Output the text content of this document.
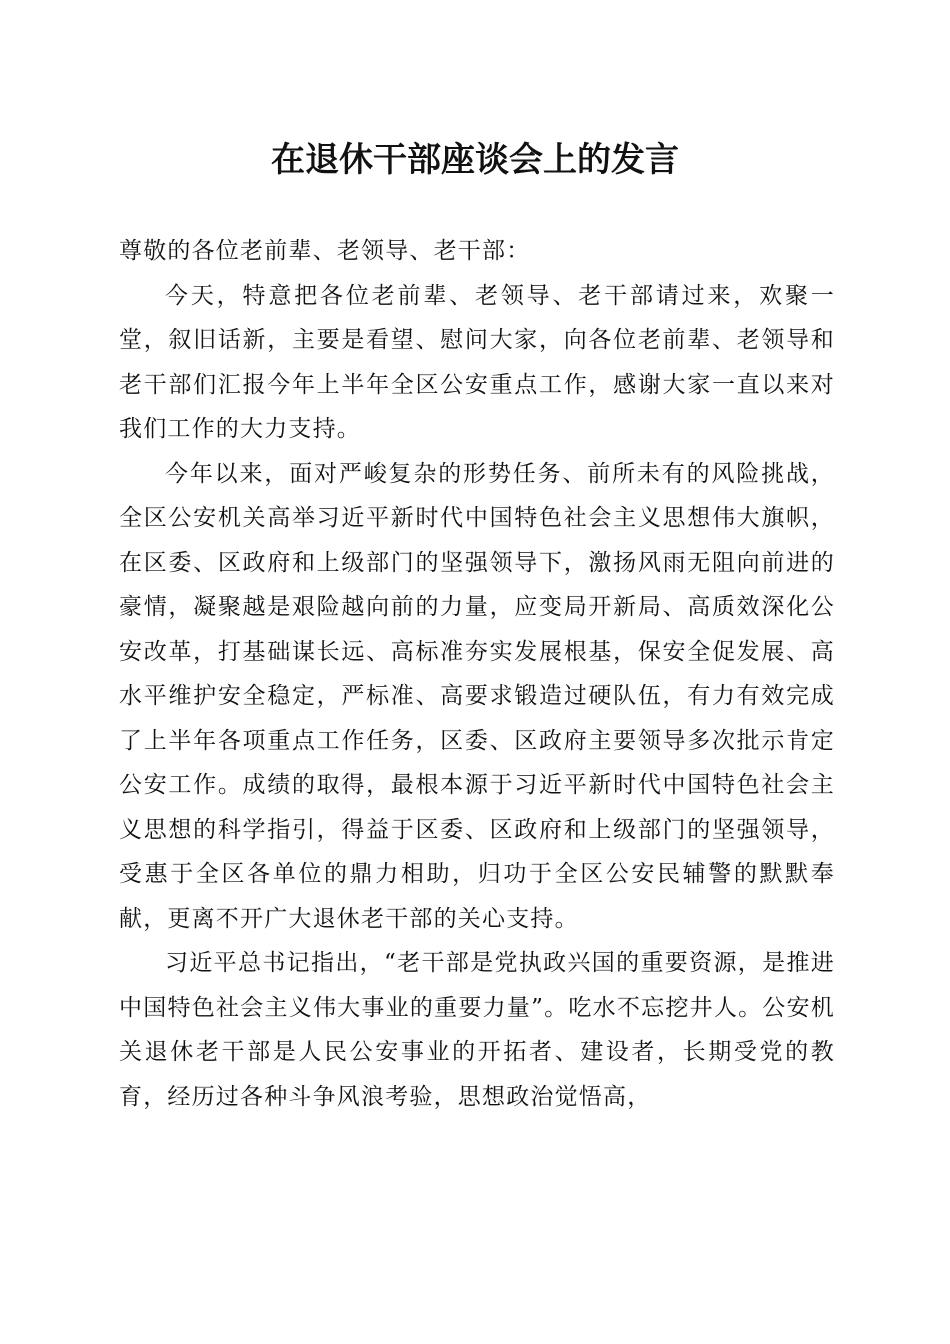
在退休干部座谈会上的发言

尊敬的各位老前辈、老领导、老干部：

今天，特意把各位老前辈、老领导、老干部请过来，欢聚一堂，叙旧话新，主要是看望、慰问大家，向各位老前辈、老领导和老干部们汇报今年上半年全区公安重点工作，感谢大家一直以来对我们工作的大力支持。

今年以来，面对严峻复杂的形势任务、前所未有的风险挑战，全区公安机关高举习近平新时代中国特色社会主义思想伟大旗帜，在区委、区政府和上级部门的坚强领导下，激扬风雨无阻向前进的豪情，凝聚越是艰险越向前的力量，应变局开新局、高质效深化公安改革，打基础谋长远、高标准夯实发展根基，保安全促发展、高水平维护安全稳定，严标准、高要求锻造过硬队伍，有力有效完成了上半年各项重点工作任务，区委、区政府主要领导多次批示肯定公安工作。成绩的取得，最根本源于习近平新时代中国特色社会主义思想的科学指引，得益于区委、区政府和上级部门的坚强领导，受惠于全区各单位的鼎力相助，归功于全区公安民辅警的默默奉献，更离不开广大退休老干部的关心支持。

习近平总书记指出，“老干部是党执政兴国的重要资源，是推进中国特色社会主义伟大事业的重要力量”。吃水不忘挖井人。公安机关退休老干部是人民公安事业的开拓者、建设者，长期受党的教育，经历过各种斗争风浪考验，思想政治觉悟高，
